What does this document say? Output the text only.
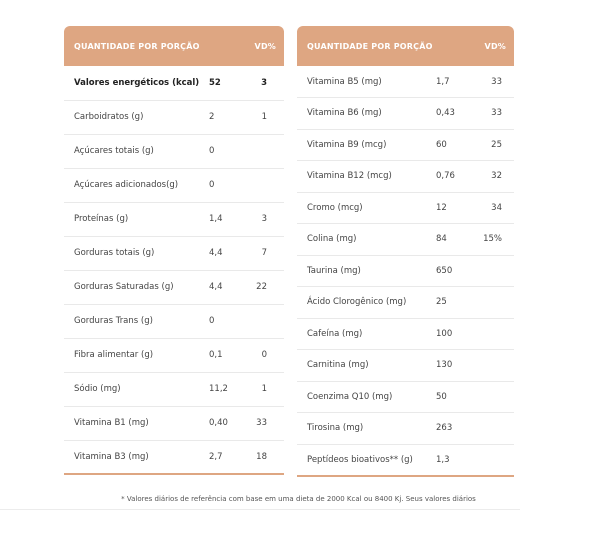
QUANTIDADE POR PORÇÃO		VD%
Valores energéticos (kcal)	52	3
Carboidratos (g)	2	1
Açúcares totais (g)	0	
Açúcares adicionados(g)	0	
Proteínas (g)	1,4	3
Gorduras totais (g)	4,4	7
Gorduras Saturadas (g)	4,4	22
Gorduras Trans (g)	0	
Fibra alimentar (g)	0,1	0
Sódio (mg)	11,2	1
Vitamina B1 (mg)	0,40	33
Vitamina B3 (mg)	2,7	18
QUANTIDADE POR PORÇÃO		VD%
Vitamina B5 (mg)	1,7	33
Vitamina B6 (mg)	0,43	33
Vitamina B9 (mcg)	60	25
Vitamina B12 (mcg)	0,76	32
Cromo (mcg)	12	34
Colina (mg)	84	15%
Taurina (mg)	650	
Ácido Clorogênico (mg)	25	
Cafeína (mg)	100	
Carnitina (mg)	130	
Coenzima Q10 (mg)	50	
Tirosina (mg)	263	
Peptídeos bioativos** (g)	1,3	
* Valores diários de referência com base em uma dieta de 2000 Kcal ou 8400 Kj. Seus valores diários
